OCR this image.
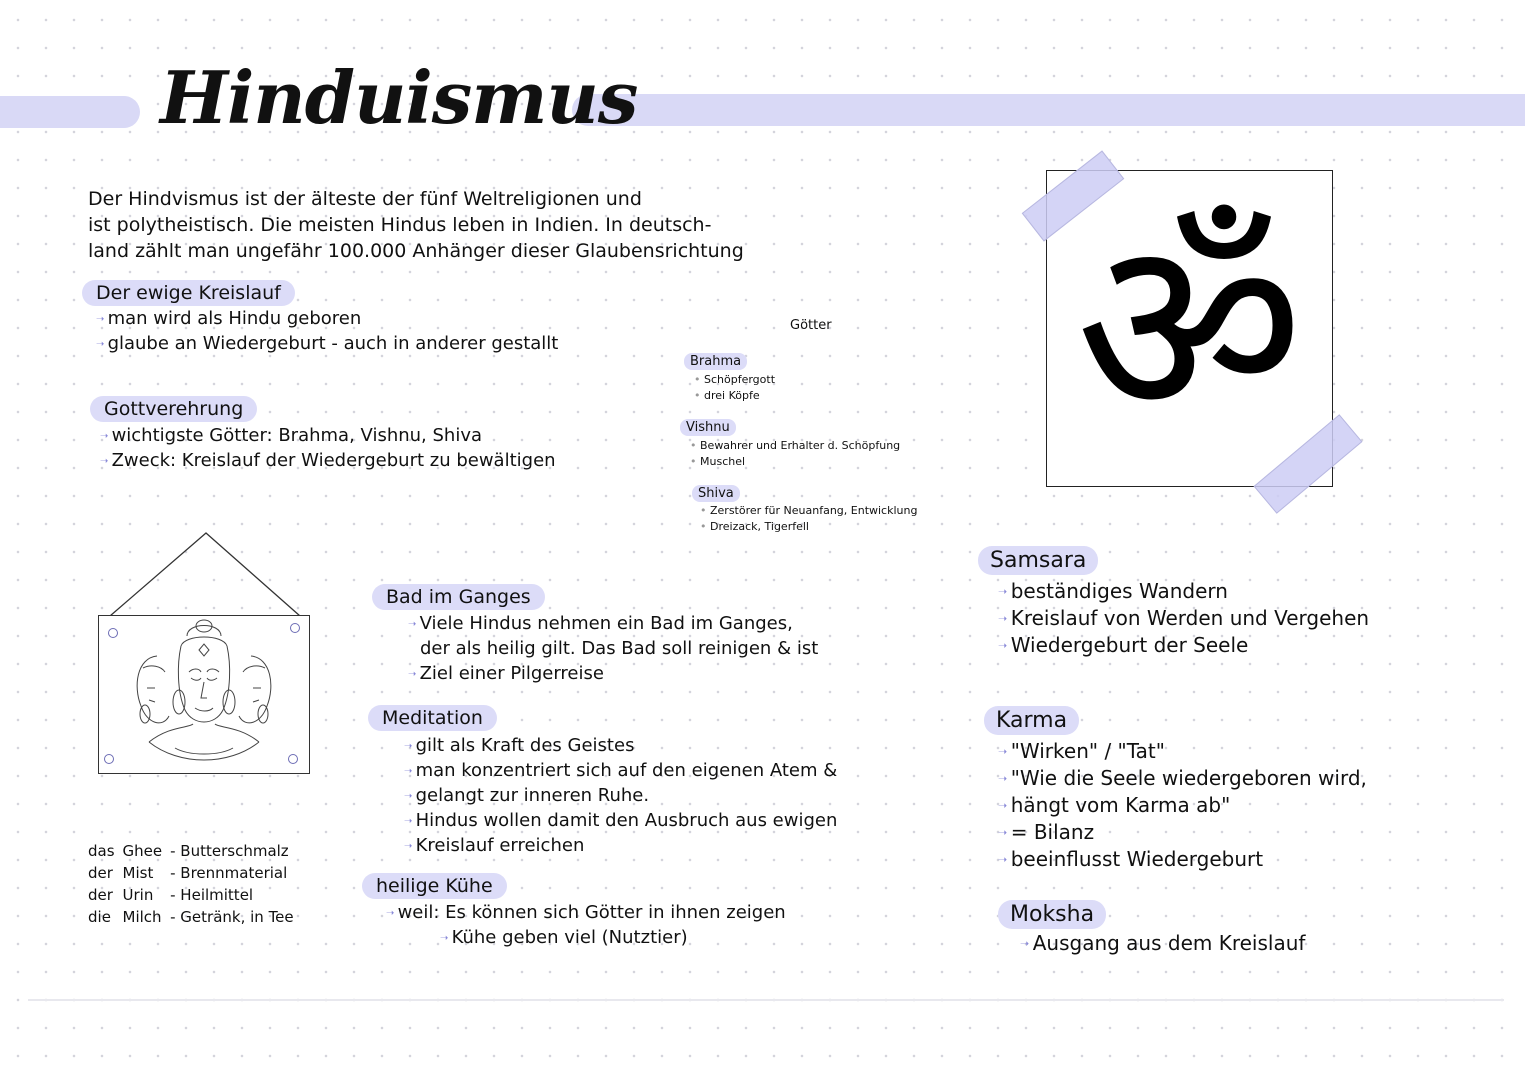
Hinduismus
Der Hindvismus ist der älteste der fünf Weltreligionen und
ist polytheistisch. Die meisten Hindus leben in Indien. In deutsch-
land zählt man ungefähr 100.000 Anhänger dieser Glaubensrichtung
Der ewige Kreislauf
➝ man wird als Hindu geboren
➝ glaube an Wiedergeburt - auch in anderer gestallt
Gottverehrung
➝ wichtigste Götter: Brahma, Vishnu, Shiva
➝ Zweck: Kreislauf der Wiedergeburt zu bewältigen
Götter
Brahma
• Schöpfergott
• drei Köpfe
Vishnu
• Bewahrer und Erhalter d. Schöpfung
• Muschel
Shiva
• Zerstörer für Neuanfang, Entwicklung
• Dreizack, Tigerfell
ॐ
das	Ghee	- Butterschmalz
der	Mist	- Brennmaterial
der	Urin	- Heilmittel
die	Milch	- Getränk, in Tee
Bad im Ganges
➝ Viele Hindus nehmen ein Bad im Ganges,
der als heilig gilt. Das Bad soll reinigen & ist
➝ Ziel einer Pilgerreise
Meditation
➝ gilt als Kraft des Geistes
➝ man konzentriert sich auf den eigenen Atem &
➝ gelangt zur inneren Ruhe.
➝ Hindus wollen damit den Ausbruch aus ewigen
➝ Kreislauf erreichen
heilige Kühe
➝ weil: Es können sich Götter in ihnen zeigen
➝ Kühe geben viel (Nutztier)
Samsara
➝ beständiges Wandern
➝ Kreislauf von Werden und Vergehen
➝ Wiedergeburt der Seele
Karma
➝ "Wirken" / "Tat"
➝ "Wie die Seele wiedergeboren wird,
➝ hängt vom Karma ab"
➝ = Bilanz
➝ beeinflusst Wiedergeburt
Moksha
➝ Ausgang aus dem Kreislauf
